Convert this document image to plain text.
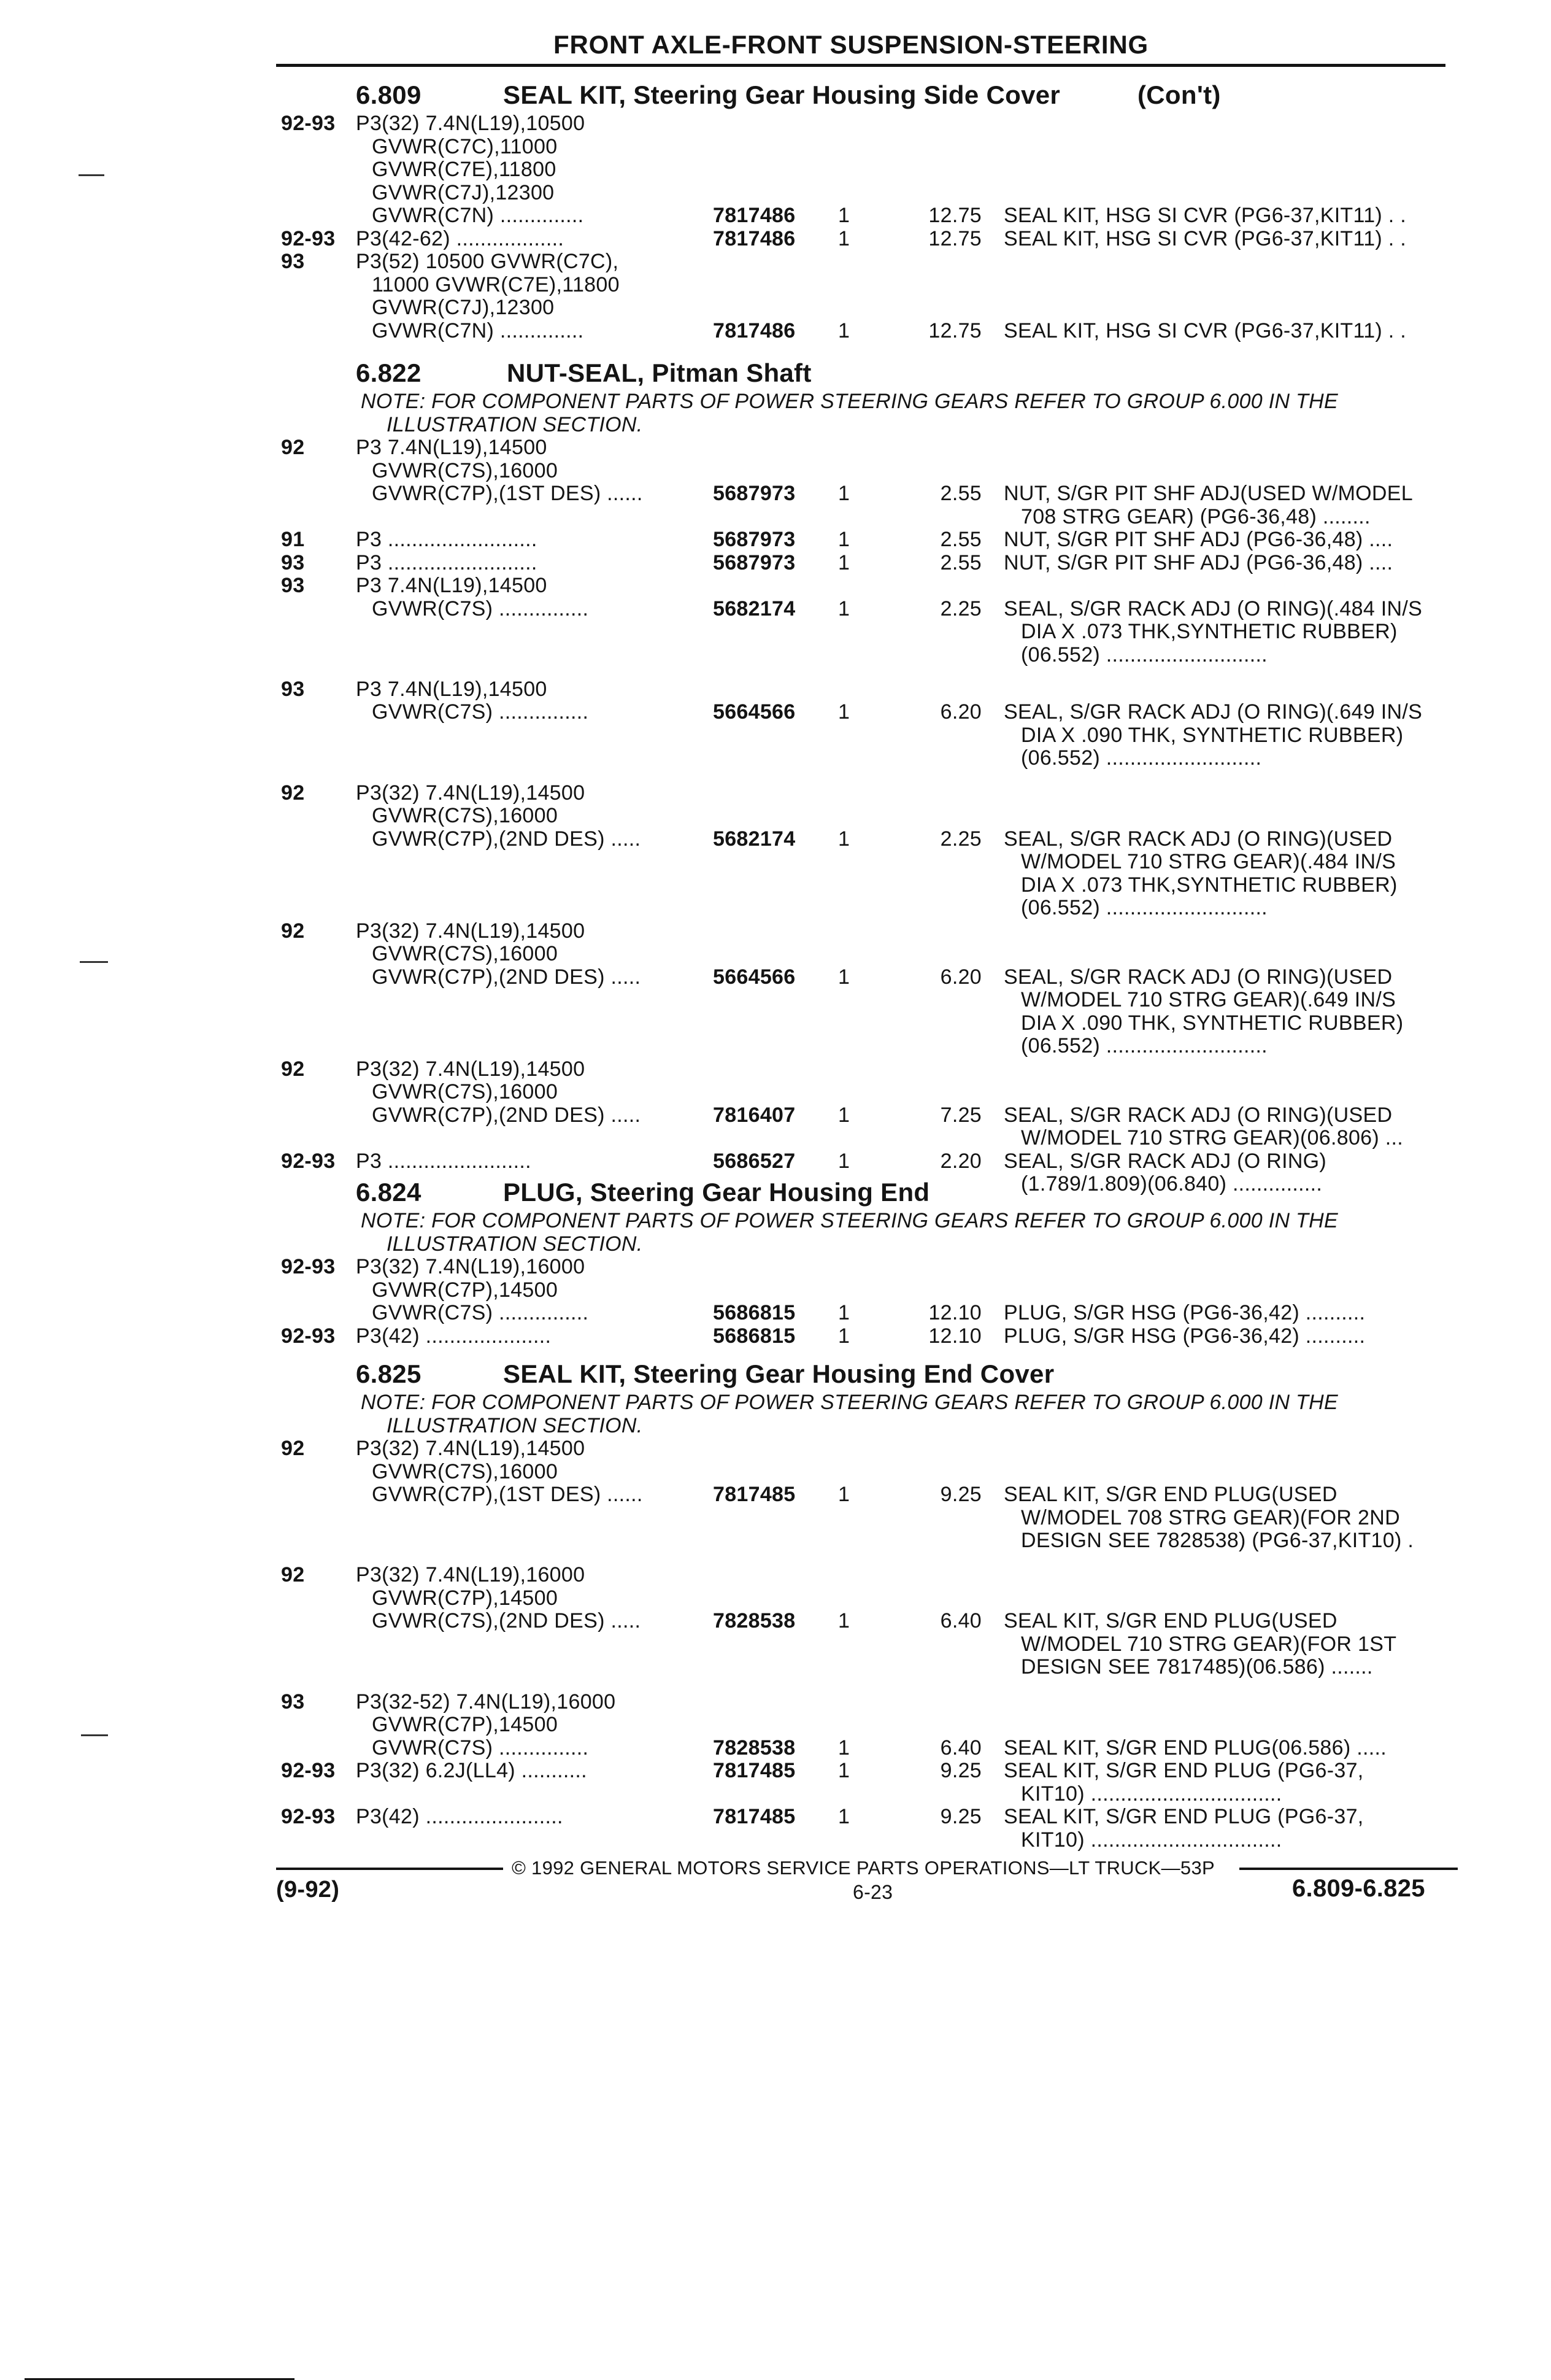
FRONT AXLE-FRONT SUSPENSION-STEERING
6.809	SEAL KIT, Steering Gear Housing Side Cover	(Con't)
92-93 P3(32) 7.4N(L19),10500
GVWR(C7C),11000
GVWR(C7E),11800
GVWR(C7J),12300
GVWR(C7N) ..............	7817486 1	12.75 SEAL KIT, HSG SI CVR (PG6-37,KIT11) . .
92-93 P3(42-62) ..................	7817486 1	12.75 SEAL KIT, HSG SI CVR (PG6-37,KIT11) . .
93 P3(52) 10500 GVWR(C7C),
11000 GVWR(C7E),11800
GVWR(C7J),12300
GVWR(C7N) ..............	7817486 1	12.75 SEAL KIT, HSG SI CVR (PG6-37,KIT11) . .
6.822	NUT-SEAL, Pitman Shaft
NOTE: FOR COMPONENT PARTS OF POWER STEERING GEARS REFER TO GROUP 6.000 IN THE
ILLUSTRATION SECTION.
92 P3 7.4N(L19),14500
GVWR(C7S),16000
GVWR(C7P),(1ST DES) ......	5687973 1	2.55 NUT, S/GR PIT SHF ADJ(USED W/MODEL
708 STRG GEAR) (PG6-36,48) ........
91 P3 .........................	5687973 1	2.55 NUT, S/GR PIT SHF ADJ (PG6-36,48) ....
93 P3 .........................	5687973 1	2.55 NUT, S/GR PIT SHF ADJ (PG6-36,48) ....
93 P3 7.4N(L19),14500
GVWR(C7S) ...............	5682174 1	2.25 SEAL, S/GR RACK ADJ (O RING)(.484 IN/S
DIA X .073 THK,SYNTHETIC RUBBER)
(06.552) ...........................
93 P3 7.4N(L19),14500
GVWR(C7S) ...............	5664566 1	6.20 SEAL, S/GR RACK ADJ (O RING)(.649 IN/S
DIA X .090 THK, SYNTHETIC RUBBER)
(06.552) ..........................
92 P3(32) 7.4N(L19),14500
GVWR(C7S),16000
GVWR(C7P),(2ND DES) .....	5682174 1	2.25 SEAL, S/GR RACK ADJ (O RING)(USED
W/MODEL 710 STRG GEAR)(.484 IN/S
DIA X .073 THK,SYNTHETIC RUBBER)
(06.552) ...........................
92 P3(32) 7.4N(L19),14500
GVWR(C7S),16000
GVWR(C7P),(2ND DES) .....	5664566 1	6.20 SEAL, S/GR RACK ADJ (O RING)(USED
W/MODEL 710 STRG GEAR)(.649 IN/S
DIA X .090 THK, SYNTHETIC RUBBER)
(06.552) ...........................
92 P3(32) 7.4N(L19),14500
GVWR(C7S),16000
GVWR(C7P),(2ND DES) .....	7816407 1	7.25 SEAL, S/GR RACK ADJ (O RING)(USED
W/MODEL 710 STRG GEAR)(06.806) ...
92-93 P3 ........................	5686527 1	2.20 SEAL, S/GR RACK ADJ (O RING)
(1.789/1.809)(06.840) ...............
6.824	PLUG, Steering Gear Housing End
NOTE: FOR COMPONENT PARTS OF POWER STEERING GEARS REFER TO GROUP 6.000 IN THE
ILLUSTRATION SECTION.
92-93 P3(32) 7.4N(L19),16000
GVWR(C7P),14500
GVWR(C7S) ...............	5686815 1	12.10 PLUG, S/GR HSG (PG6-36,42) ..........
92-93 P3(42) .....................	5686815 1	12.10 PLUG, S/GR HSG (PG6-36,42) ..........
6.825	SEAL KIT, Steering Gear Housing End Cover
NOTE: FOR COMPONENT PARTS OF POWER STEERING GEARS REFER TO GROUP 6.000 IN THE
ILLUSTRATION SECTION.
92 P3(32) 7.4N(L19),14500
GVWR(C7S),16000
GVWR(C7P),(1ST DES) ......	7817485 1	9.25 SEAL KIT, S/GR END PLUG(USED
W/MODEL 708 STRG GEAR)(FOR 2ND
DESIGN SEE 7828538) (PG6-37,KIT10) .
92 P3(32) 7.4N(L19),16000
GVWR(C7P),14500
GVWR(C7S),(2ND DES) .....	7828538 1	6.40 SEAL KIT, S/GR END PLUG(USED
W/MODEL 710 STRG GEAR)(FOR 1ST
DESIGN SEE 7817485)(06.586) .......
93 P3(32-52) 7.4N(L19),16000
GVWR(C7P),14500
GVWR(C7S) ...............	7828538 1	6.40 SEAL KIT, S/GR END PLUG(06.586) .....
92-93 P3(32) 6.2J(LL4) ...........	7817485 1	9.25 SEAL KIT, S/GR END PLUG (PG6-37,
KIT10) ................................
92-93 P3(42) .......................	7817485 1	9.25 SEAL KIT, S/GR END PLUG (PG6-37,
KIT10) ................................
© 1992 GENERAL MOTORS SERVICE PARTS OPERATIONS—LT TRUCK—53P
(9-92)	6-23	6.809-6.825
